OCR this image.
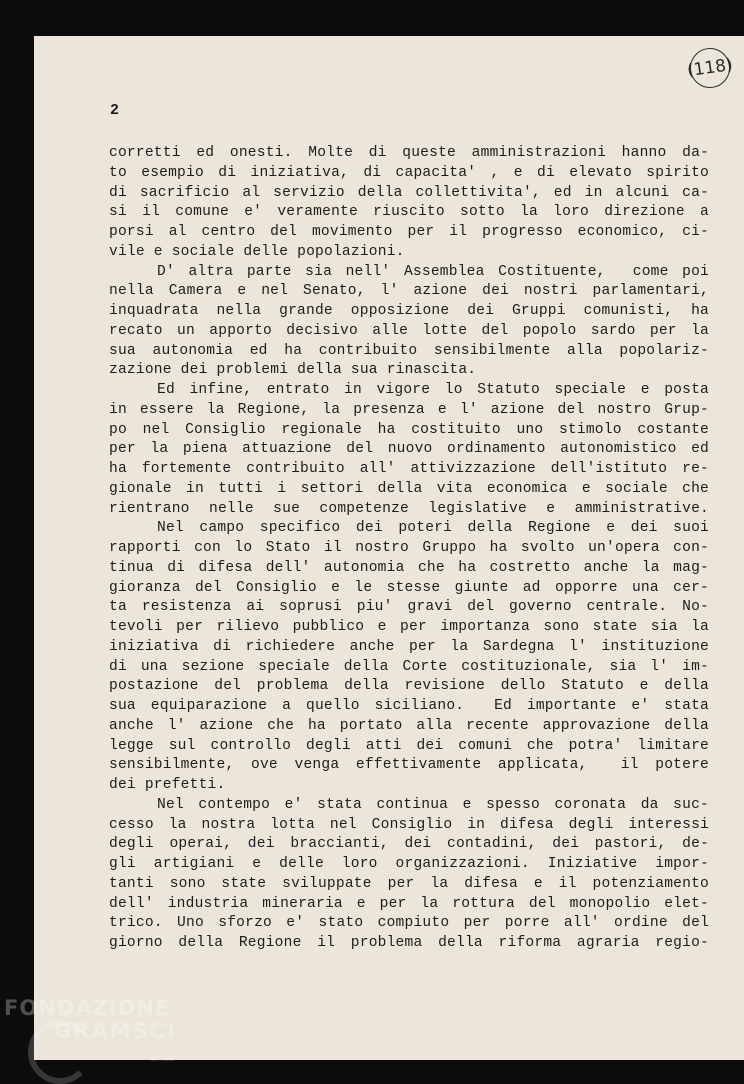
(118)
2
corretti ed onesti. Molte di queste amministrazioni hanno da-
to esempio di iniziativa, di capacita' , e di elevato spirito
di sacrificio al servizio della collettivita', ed in alcuni ca-
si il comune e' veramente riuscito sotto la loro direzione a
porsi al centro del movimento per il progresso economico, ci-
vile e sociale delle popolazioni.
D' altra parte sia nell' Assemblea Costituente,  come poi
nella Camera e nel Senato, l' azione dei nostri parlamentari,
inquadrata nella grande opposizione dei Gruppi comunisti, ha
recato un apporto decisivo alle lotte del popolo sardo per la
sua autonomia ed ha contribuito sensibilmente alla popolariz-
zazione dei problemi della sua rinascita.
Ed infine, entrato in vigore lo Statuto speciale e posta
in essere la Regione, la presenza e l' azione del nostro Grup-
po nel Consiglio regionale ha costituito uno stimolo costante
per la piena attuazione del nuovo ordinamento autonomistico ed
ha fortemente contribuito all' attivizzazione dell'istituto re-
gionale in tutti i settori della vita economica e sociale che
rientrano nelle sue competenze legislative e amministrative.
Nel campo specifico dei poteri della Regione e dei suoi
rapporti con lo Stato il nostro Gruppo ha svolto un'opera con-
tinua di difesa dell' autonomia che ha costretto anche la mag-
gioranza del Consiglio e le stesse giunte ad opporre una cer-
ta resistenza ai soprusi piu' gravi del governo centrale. No-
tevoli per rilievo pubblico e per importanza sono state sia la
iniziativa di richiedere anche per la Sardegna l' instituzione
di una sezione speciale della Corte costituzionale, sia l' im-
postazione del problema della revisione dello Statuto e della
sua equiparazione a quello siciliano.  Ed importante e' stata
anche l' azione che ha portato alla recente approvazione della
legge sul controllo degli atti dei comuni che potra' limitare
sensibilmente, ove venga effettivamente applicata,  il potere
dei prefetti.
Nel contempo e' stata continua e spesso coronata da suc-
cesso la nostra lotta nel Consiglio in difesa degli interessi
degli operai, dei braccianti, dei contadini, dei pastori, de-
gli artigiani e delle loro organizzazioni. Iniziative impor-
tanti sono state sviluppate per la difesa e il potenziamento
dell' industria mineraria e per la rottura del monopolio elet-
trico. Uno sforzo e' stato compiuto per porre all' ordine del
giorno della Regione il problema della riforma agraria regio-
FONDAZIONE
GRAMSCI
onlus
